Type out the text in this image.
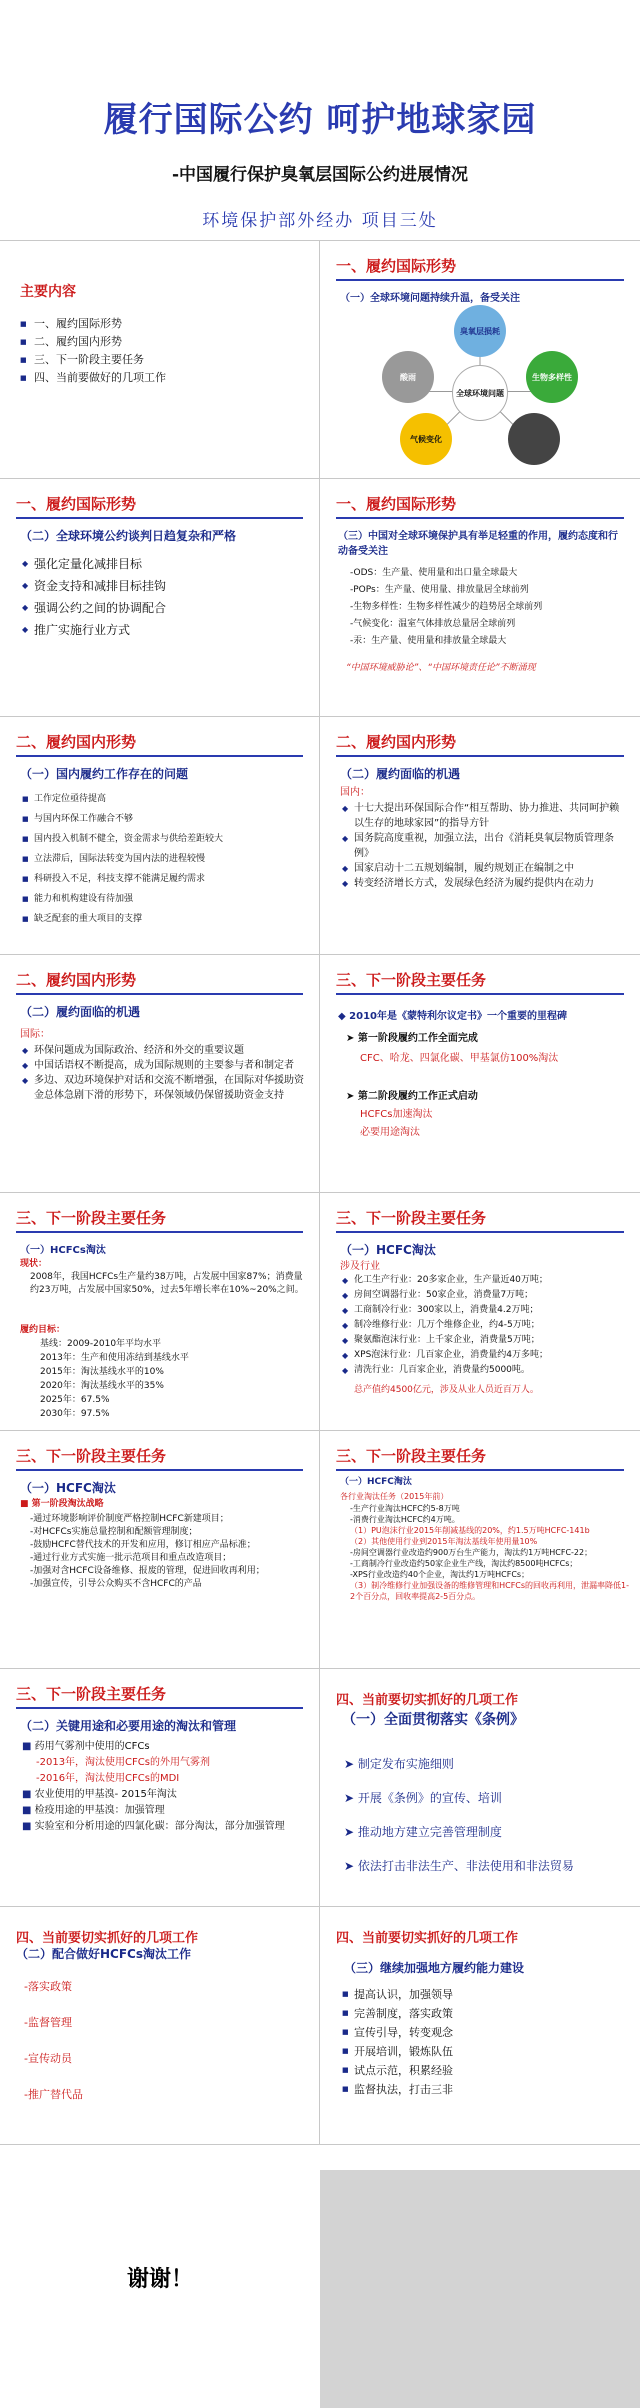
履行国际公约 呵护地球家园
-中国履行保护臭氧层国际公约进展情况
环境保护部外经办 项目三处
主要内容
■ 一、履约国际形势
■ 二、履约国内形势
■ 三、下一阶段主要任务
■ 四、当前要做好的几项工作
一、履约国际形势
（一）全球环境问题持续升温，备受关注
臭氧层损耗
生物多样性
酸雨
气候变化
全球环境问题
一、履约国际形势
（二）全球环境公约谈判日趋复杂和严格
◆ 强化定量化减排目标
◆ 资金支持和减排目标挂钩
◆ 强调公约之间的协调配合
◆ 推广实施行业方式
一、履约国际形势
（三）中国对全球环境保护具有举足轻重的作用，履约态度和行动备受关注
-ODS：生产量、使用量和出口量全球最大
-POPs：生产量、使用量、排放量居全球前列
-生物多样性：生物多样性减少的趋势居全球前列
-气候变化：温室气体排放总量居全球前列
-汞：生产量、使用量和排放量全球最大
“中国环境威胁论”、“中国环境责任论”不断涌现
二、履约国内形势
（一）国内履约工作存在的问题
■ 工作定位亟待提高
■ 与国内环保工作融合不够
■ 国内投入机制不健全，资金需求与供给差距较大
■ 立法滞后，国际法转变为国内法的进程较慢
■ 科研投入不足，科技支撑不能满足履约需求
■ 能力和机构建设有待加强
■ 缺乏配套的重大项目的支撑
二、履约国内形势
（二）履约面临的机遇
国内：
◆ 十七大提出环保国际合作“相互帮助、协力推进、共同呵护赖以生存的地球家园”的指导方针
◆ 国务院高度重视，加强立法，出台《消耗臭氧层物质管理条例》
◆ 国家启动十二五规划编制，履约规划正在编制之中
◆ 转变经济增长方式，发展绿色经济为履约提供内在动力
二、履约国内形势
（二）履约面临的机遇
国际：
◆ 环保问题成为国际政治、经济和外交的重要议题
◆ 中国话语权不断提高，成为国际规则的主要参与者和制定者
◆ 多边、双边环境保护对话和交流不断增强，在国际对华援助资金总体急剧下滑的形势下，环保领域仍保留援助资金支持
三、下一阶段主要任务
◆ 2010年是《蒙特利尔议定书》一个重要的里程碑
➤ 第一阶段履约工作全面完成
CFC、哈龙、四氯化碳、甲基氯仿100%淘汰
➤ 第二阶段履约工作正式启动
HCFCs加速淘汰
必要用途淘汰
三、下一阶段主要任务
（一）HCFCs淘汰
现状：
2008年，我国HCFCs生产量约38万吨，占发展中国家87%；消费量约23万吨，占发展中国家50%，过去5年增长率在10%~20%之间。
履约目标：
基线：2009-2010年平均水平
2013年：生产和使用冻结到基线水平
2015年：淘汰基线水平的10%
2020年：淘汰基线水平的35%
2025年：67.5%
2030年：97.5%
三、下一阶段主要任务
（一）HCFC淘汰
涉及行业
◆ 化工生产行业：20多家企业，生产量近40万吨；
◆ 房间空调器行业：50家企业，消费量7万吨；
◆ 工商制冷行业：300家以上，消费量4.2万吨；
◆ 制冷维修行业：几万个维修企业，约4-5万吨；
◆ 聚氨酯泡沫行业：上千家企业，消费量5万吨；
◆ XPS泡沫行业：几百家企业，消费量约4万多吨；
◆ 清洗行业：几百家企业，消费量约5000吨。
总产值约4500亿元，涉及从业人员近百万人。
三、下一阶段主要任务
（一）HCFC淘汰
■ 第一阶段淘汰战略
-通过环境影响评价制度严格控制HCFC新建项目；
-对HCFCs实施总量控制和配额管理制度；
-鼓励HCFC替代技术的开发和应用，修订相应产品标准；
-通过行业方式实施一批示范项目和重点改造项目；
-加强对含HCFC设备维修、报废的管理，促进回收再利用；
-加强宣传，引导公众购买不含HCFC的产品
三、下一阶段主要任务
（一）HCFC淘汰
各行业淘汰任务（2015年前）
-生产行业淘汰HCFC约5-8万吨
-消费行业淘汰HCFC约4万吨。
（1）PU泡沫行业2015年削减基线的20%，约1.5万吨HCFC-141b
（2）其他使用行业到2015年淘汰基线年使用量10%
-房间空调器行业改造约900万台生产能力，淘汰约1万吨HCFC-22；
-工商制冷行业改造约50家企业生产线，淘汰约8500吨HCFCs；
-XPS行业改造约40个企业，淘汰约1万吨HCFCs；
（3）制冷维修行业加强设备的维修管理和HCFCs的回收再利用，泄漏率降低1-2个百分点，回收率提高2-5百分点。
三、下一阶段主要任务
（二）关键用途和必要用途的淘汰和管理
■ 药用气雾剂中使用的CFCs
-2013年，淘汰使用CFCs的外用气雾剂
-2016年，淘汰使用CFCs的MDI
■ 农业使用的甲基溴- 2015年淘汰
■ 检疫用途的甲基溴：加强管理
■ 实验室和分析用途的四氯化碳：部分淘汰，部分加强管理
四、当前要切实抓好的几项工作
（一）全面贯彻落实《条例》
➤ 制定发布实施细则
➤ 开展《条例》的宣传、培训
➤ 推动地方建立完善管理制度
➤ 依法打击非法生产、非法使用和非法贸易
四、当前要切实抓好的几项工作
（二）配合做好HCFCs淘汰工作
-落实政策
-监督管理
-宣传动员
-推广替代品
四、当前要切实抓好的几项工作
（三）继续加强地方履约能力建设
■ 提高认识，加强领导
■ 完善制度，落实政策
■ 宣传引导，转变观念
■ 开展培训，锻炼队伍
■ 试点示范，积累经验
■ 监督执法，打击三非
谢谢！
